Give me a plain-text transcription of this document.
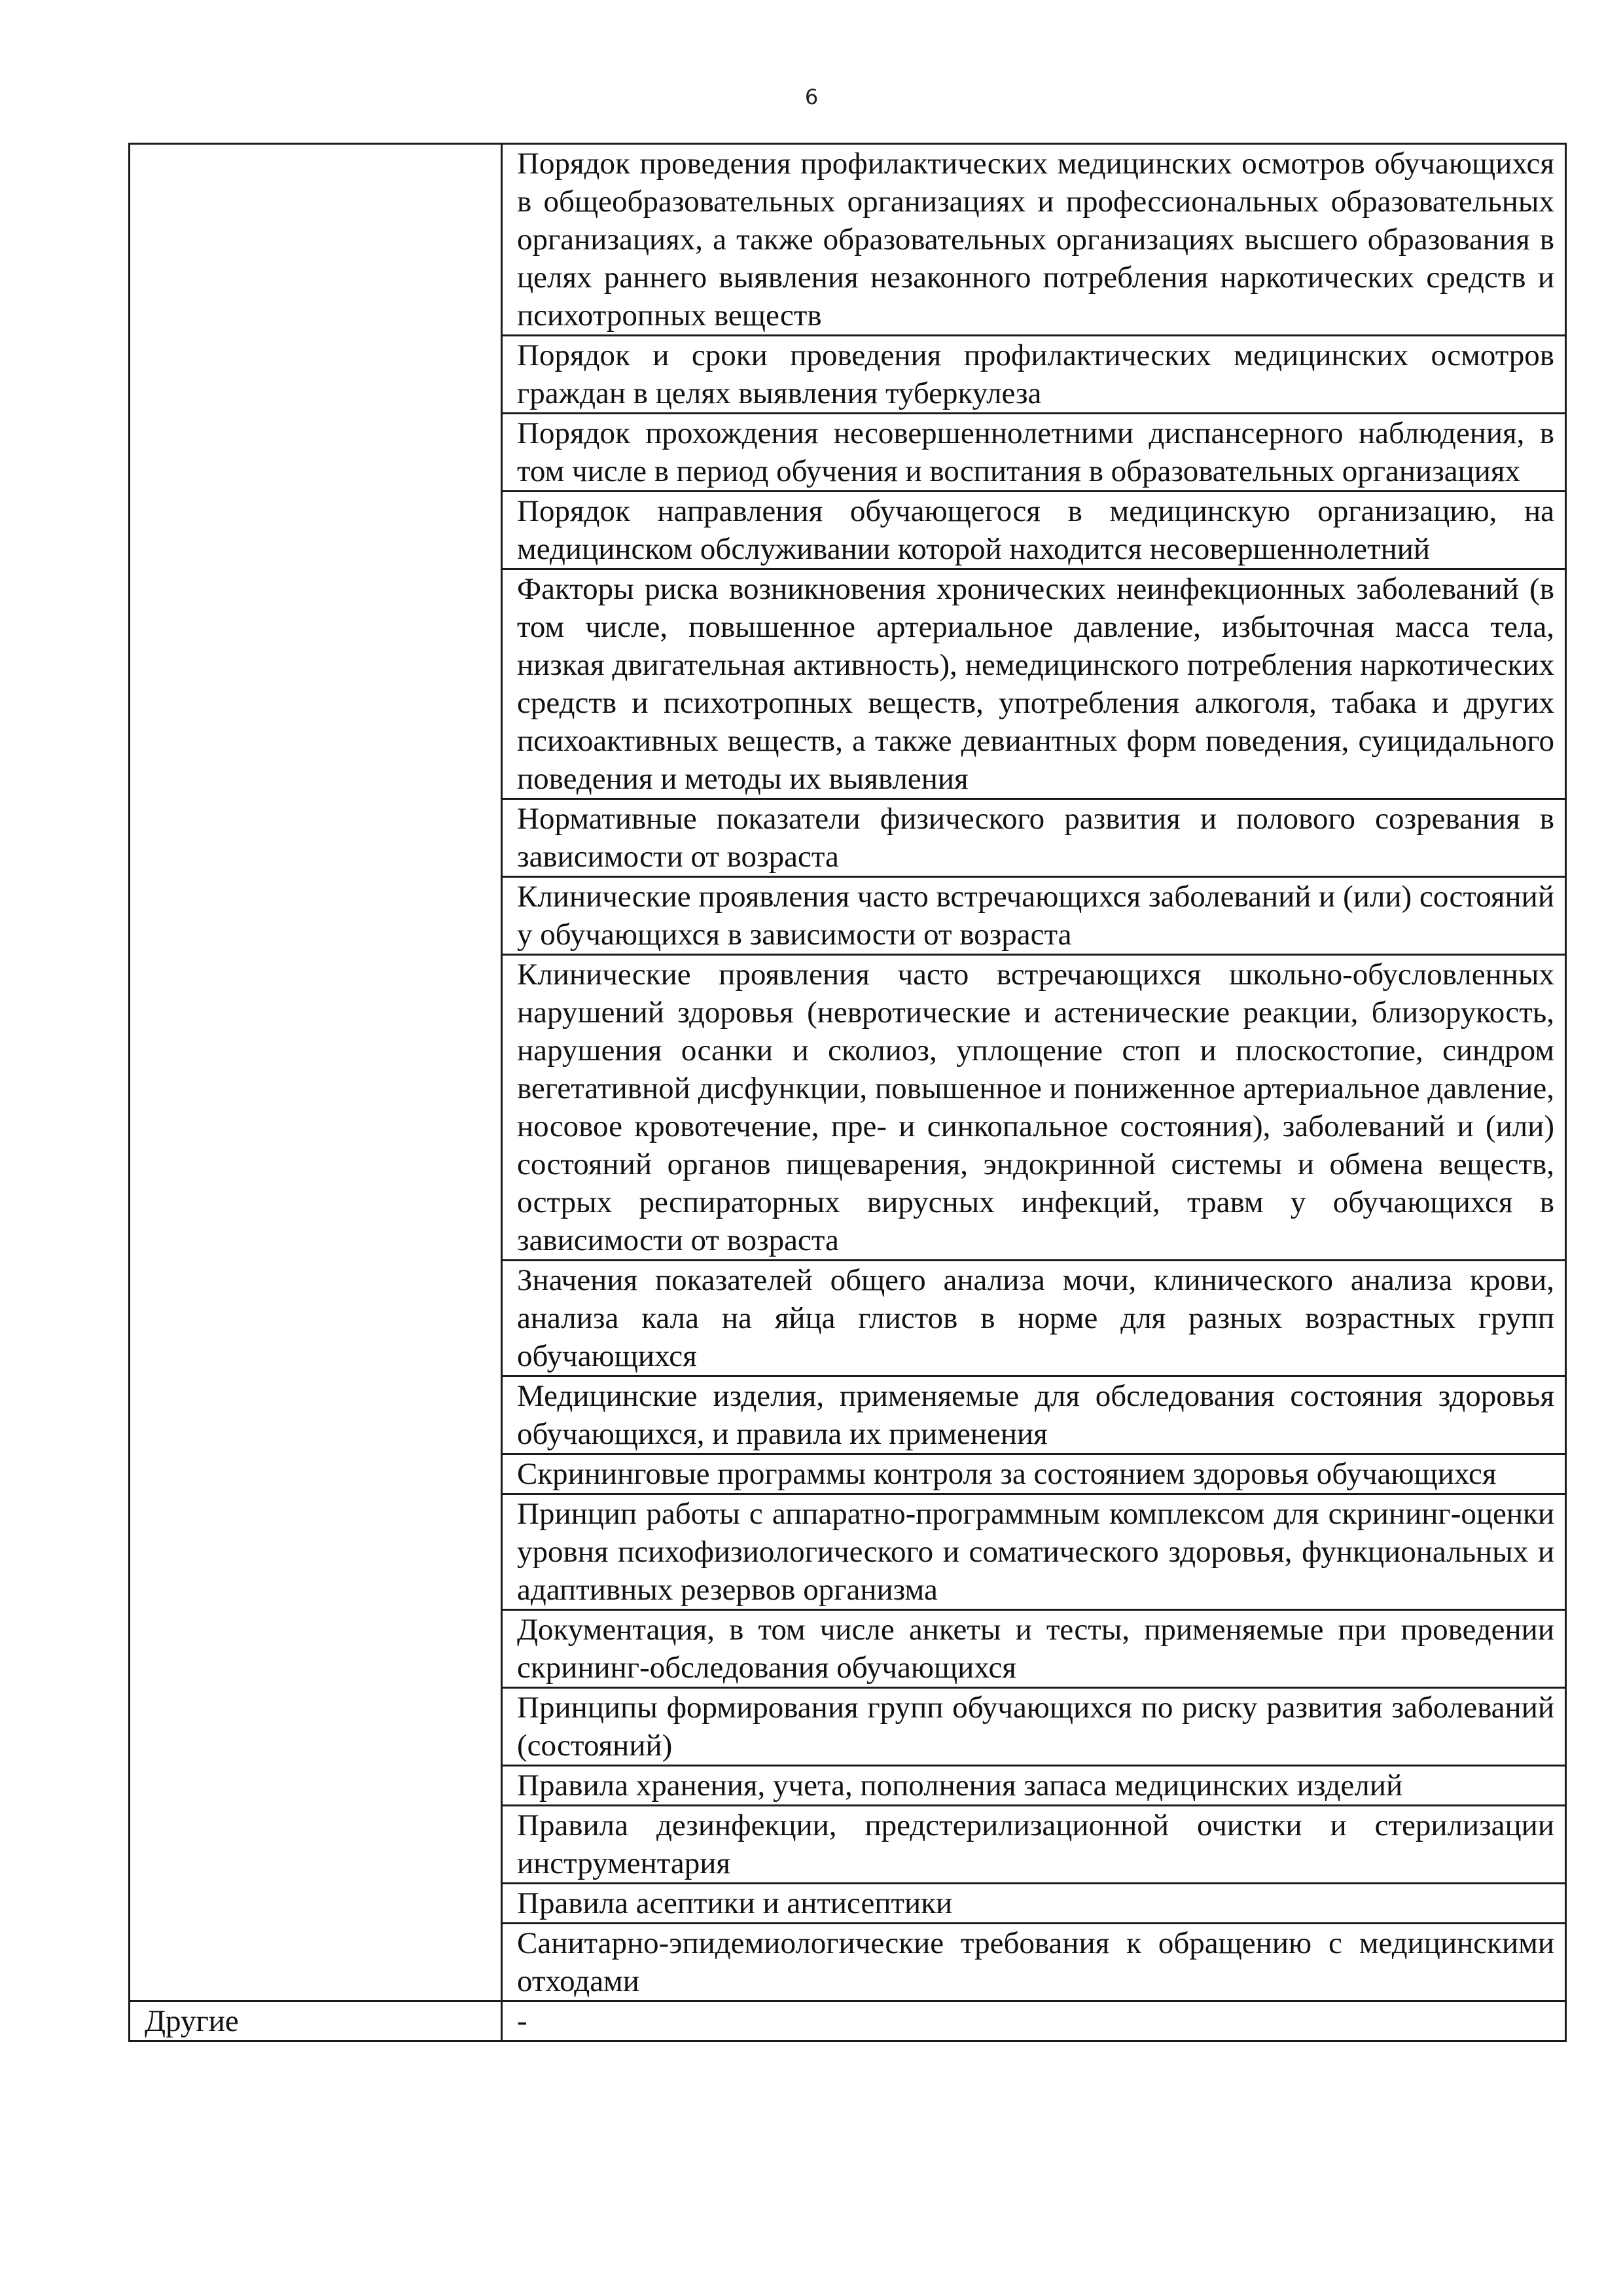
6

	Порядок проведения профилактических медицинских осмотров обучающихся в общеобразовательных организациях и профессиональных образовательных организациях, а также образовательных организациях высшего образования в целях раннего выявления незаконного потребления наркотических средств и психотропных веществ

	Порядок и сроки проведения профилактических медицинских осмотров граждан в целях выявления туберкулеза

	Порядок прохождения несовершеннолетними диспансерного наблюдения, в том числе в период обучения и воспитания в образовательных организациях

	Порядок направления обучающегося в медицинскую организацию, на медицинском обслуживании которой находится несовершеннолетний

	Факторы риска возникновения хронических неинфекционных заболеваний (в том числе, повышенное артериальное давление, избыточная масса тела, низкая двигательная активность), немедицинского потребления наркотических средств и психотропных веществ, употребления алкоголя, табака и других психоактивных веществ, а также девиантных форм поведения, суицидального поведения и методы их выявления

	Нормативные показатели физического развития и полового созревания в зависимости от возраста

	Клинические проявления часто встречающихся заболеваний и (или) состояний у обучающихся в зависимости от возраста

	Клинические проявления часто встречающихся школьно-обусловленных нарушений здоровья (невротические и астенические реакции, близорукость, нарушения осанки и сколиоз, уплощение стоп и плоскостопие, синдром вегетативной дисфункции, повышенное и пониженное артериальное давление, носовое кровотечение, пре- и синкопальное состояния), заболеваний и (или) состояний органов пищеварения, эндокринной системы и обмена веществ, острых респираторных вирусных инфекций, травм у обучающихся в зависимости от возраста

	Значения показателей общего анализа мочи, клинического анализа крови, анализа кала на яйца глистов в норме для разных возрастных групп обучающихся

	Медицинские изделия, применяемые для обследования состояния здоровья обучающихся, и правила их применения

	Скрининговые программы контроля за состоянием здоровья обучающихся

	Принцип работы с аппаратно-программным комплексом для скрининг-оценки уровня психофизиологического и соматического здоровья, функциональных и адаптивных резервов организма

	Документация, в том числе анкеты и тесты, применяемые при проведении скрининг-обследования обучающихся

	Принципы формирования групп обучающихся по риску развития заболеваний (состояний)

	Правила хранения, учета, пополнения запаса медицинских изделий

	Правила дезинфекции, предстерилизационной очистки и стерилизации инструментария

	Правила асептики и антисептики

	Санитарно-эпидемиологические требования к обращению с медицинскими отходами

Другие	-
